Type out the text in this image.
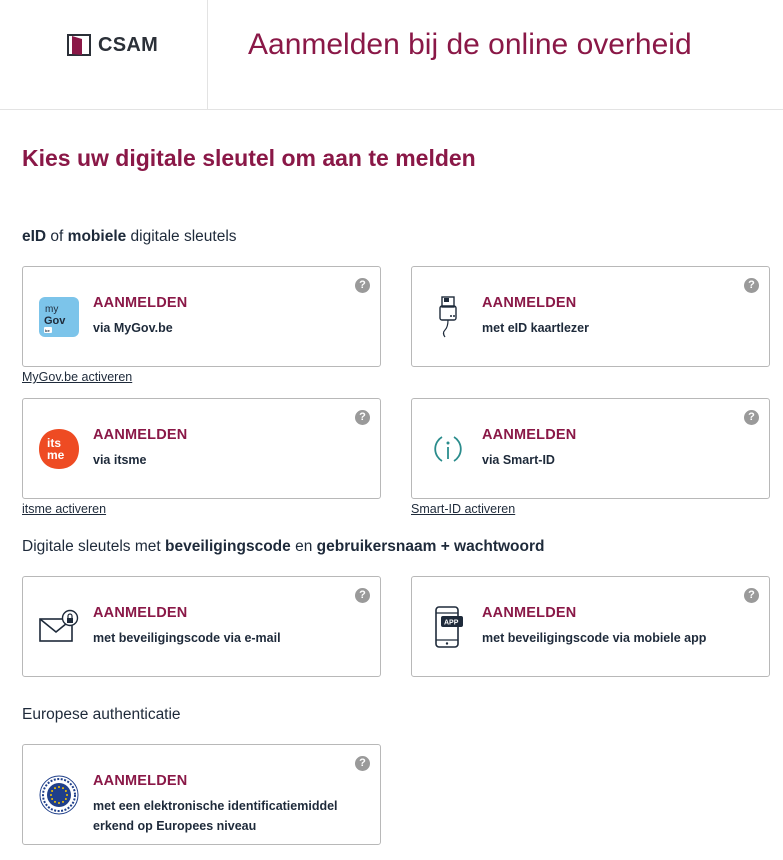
CSAM	Aanmelden bij de online overheid
Kies uw digitale sleutel om aan te melden
eID of mobiele digitale sleutels
my
Gov
be
AANMELDEN
via MyGov.be
?
MyGov.be activeren
AANMELDEN
met eID kaartlezer
?
its
me
AANMELDEN
via itsme
?
itsme activeren
AANMELDEN
via Smart-ID
?
Smart-ID activeren
Digitale sleutels met beveiligingscode en gebruikersnaam + wachtwoord
AANMELDEN
met beveiligingscode via e-mail
?
APP
AANMELDEN
met beveiligingscode via mobiele app
?
Europese authenticatie
AANMELDEN
met een elektronische identificatiemiddel erkend op Europees niveau
?
